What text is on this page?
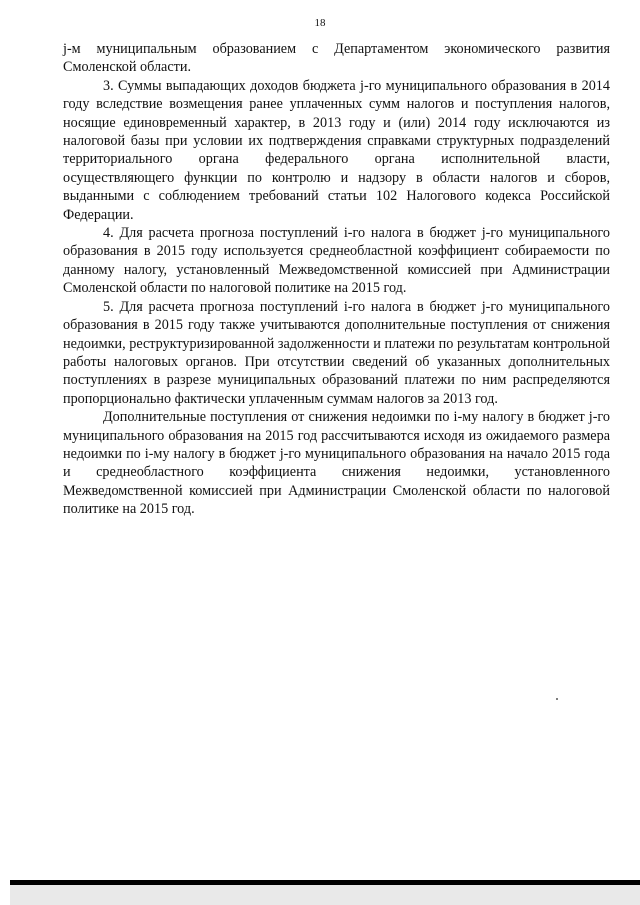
18

j-м муниципальным образованием с Департаментом экономического развития Смоленской области.

3. Суммы выпадающих доходов бюджета j-го муниципального образования в 2014 году вследствие возмещения ранее уплаченных сумм налогов и поступления налогов, носящие единовременный характер, в 2013 году и (или) 2014 году исключаются из налоговой базы при условии их подтверждения справками структурных подразделений территориального органа федерального органа исполнительной власти, осуществляющего функции по контролю и надзору в области налогов и сборов, выданными с соблюдением требований статьи 102 Налогового кодекса Российской Федерации.

4. Для расчета прогноза поступлений i-го налога в бюджет j-го муниципального образования в 2015 году используется среднеобластной коэффициент собираемости по данному налогу, установленный Межведомственной комиссией при Администрации Смоленской области по налоговой политике на 2015 год.

5. Для расчета прогноза поступлений i-го налога в бюджет j-го муниципального образования в 2015 году также учитываются дополнительные поступления от снижения недоимки, реструктуризированной задолженности и платежи по результатам контрольной работы налоговых органов. При отсутствии сведений об указанных дополнительных поступлениях в разрезе муниципальных образований платежи по ним распределяются пропорционально фактически уплаченным суммам налогов за 2013 год.

Дополнительные поступления от снижения недоимки по i-му налогу в бюджет j-го муниципального образования на 2015 год рассчитываются исходя из ожидаемого размера недоимки по i-му налогу в бюджет j-го муниципального образования на начало 2015 года и среднеобластного коэффициента снижения недоимки, установленного Межведомственной комиссией при Администрации Смоленской области по налоговой политике на 2015 год.
